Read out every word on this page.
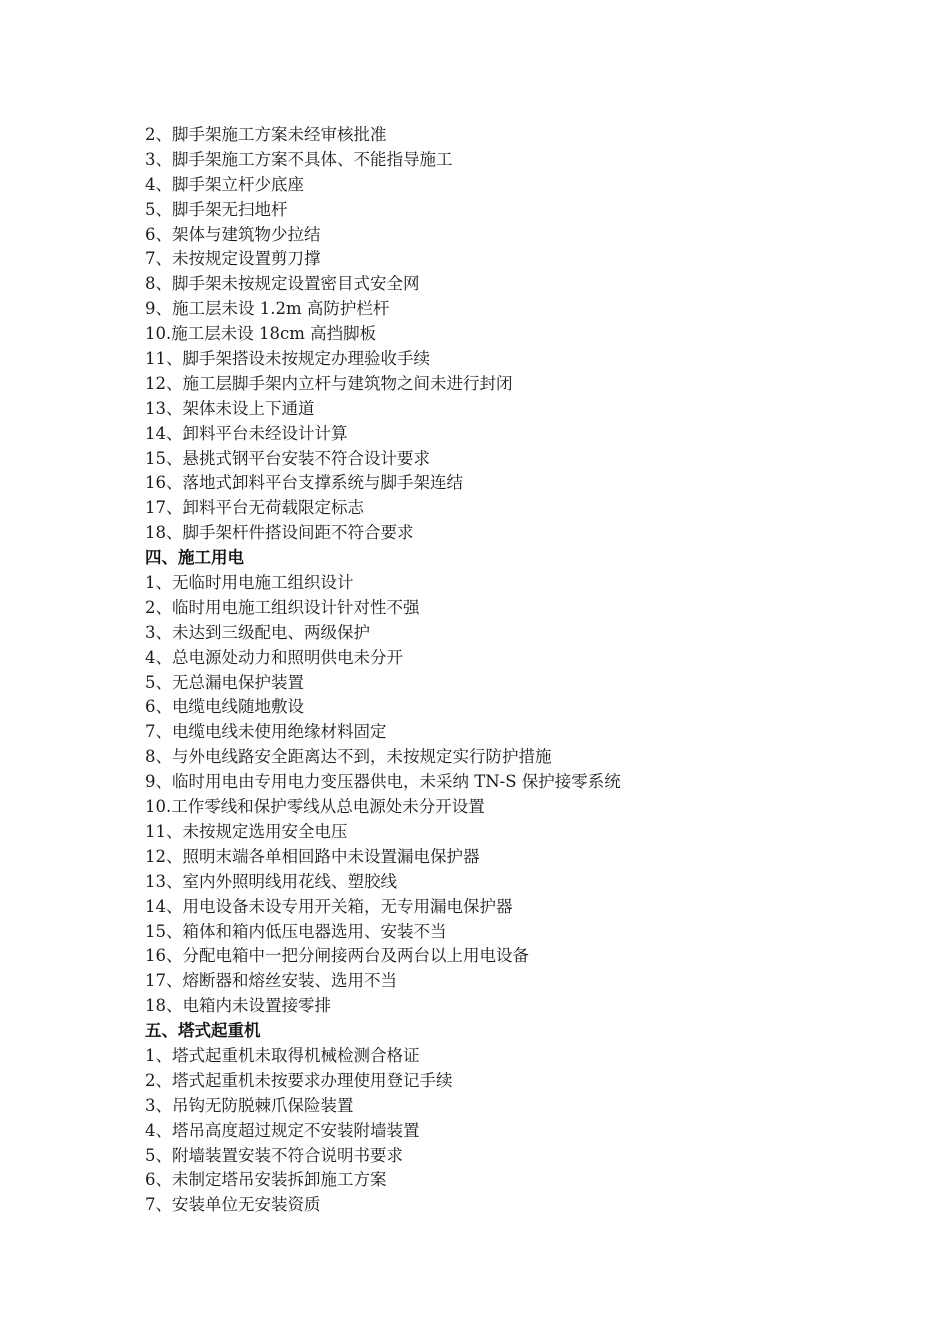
2、脚手架施工方案未经审核批准
3、脚手架施工方案不具体、不能指导施工
4、脚手架立杆少底座
5、脚手架无扫地杆
6、架体与建筑物少拉结
7、未按规定设置剪刀撑
8、脚手架未按规定设置密目式安全网
9、施工层未设 1.2m 高防护栏杆
10.施工层未设 18cm 高挡脚板
11、脚手架搭设未按规定办理验收手续
12、施工层脚手架内立杆与建筑物之间未进行封闭
13、架体未设上下通道
14、卸料平台未经设计计算
15、悬挑式钢平台安装不符合设计要求
16、落地式卸料平台支撑系统与脚手架连结
17、卸料平台无荷载限定标志
18、脚手架杆件搭设间距不符合要求
四、施工用电
1、无临时用电施工组织设计
2、临时用电施工组织设计针对性不强
3、未达到三级配电、两级保护
4、总电源处动力和照明供电未分开
5、无总漏电保护装置
6、电缆电线随地敷设
7、电缆电线未使用绝缘材料固定
8、与外电线路安全距离达不到，未按规定实行防护措施
9、临时用电由专用电力变压器供电，未采纳 TN-S 保护接零系统
10.工作零线和保护零线从总电源处未分开设置
11、未按规定选用安全电压
12、照明末端各单相回路中未设置漏电保护器
13、室内外照明线用花线、塑胶线
14、用电设备未设专用开关箱，无专用漏电保护器
15、箱体和箱内低压电器选用、安装不当
16、分配电箱中一把分闸接两台及两台以上用电设备
17、熔断器和熔丝安装、选用不当
18、电箱内未设置接零排
五、塔式起重机
1、塔式起重机未取得机械检测合格证
2、塔式起重机未按要求办理使用登记手续
3、吊钩无防脱棘爪保险装置
4、塔吊高度超过规定不安装附墙装置
5、附墙装置安装不符合说明书要求
6、未制定塔吊安装拆卸施工方案
7、安装单位无安装资质
